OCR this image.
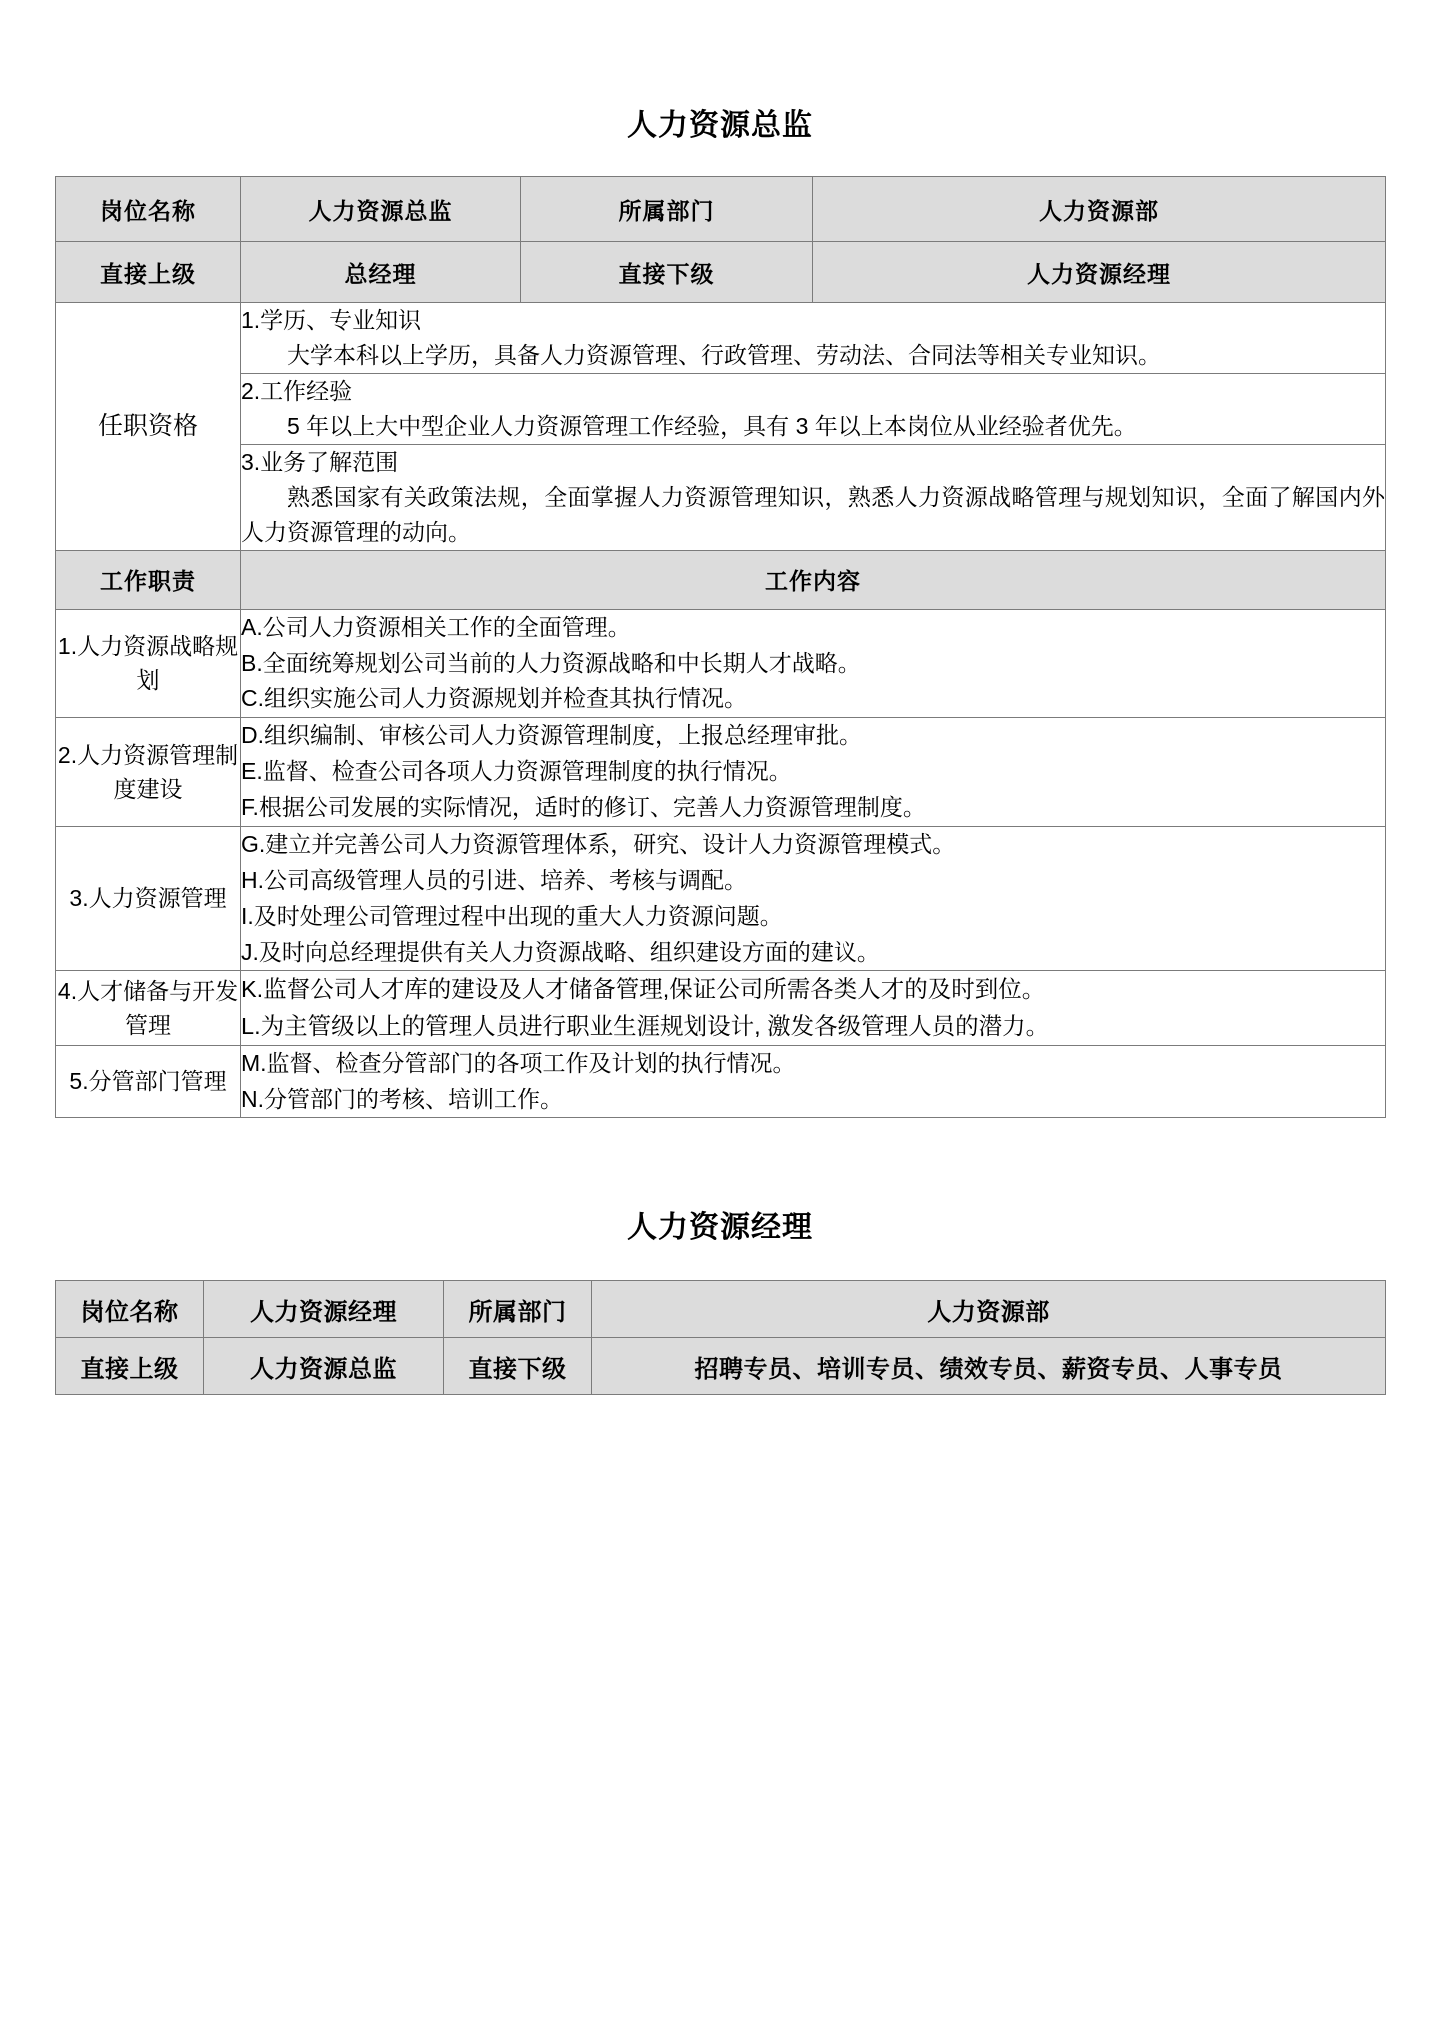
人力资源总监
岗位名称	人力资源总监	所属部门	人力资源部
直接上级	总经理	直接下级	人力资源经理
任职资格	1.学历、专业知识
大学本科以上学历，具备人力资源管理、行政管理、劳动法、合同法等相关专业知识。		

	2.工作经验
5 年以上大中型企业人力资源管理工作经验，具有 3 年以上本岗位从业经验者优先。		

	3.业务了解范围
熟悉国家有关政策法规，全面掌握人力资源管理知识，熟悉人力资源战略管理与规划知识，全面了解国内外人力资源管理的动向。		

工作职责	工作内容		
1.人力资源战略规划	A.公司人力资源相关工作的全面管理。
B.全面统筹规划公司当前的人力资源战略和中长期人才战略。
C.组织实施公司人力资源规划并检查其执行情况。		

2.人力资源管理制度建设	D.组织编制、审核公司人力资源管理制度，上报总经理审批。
E.监督、检查公司各项人力资源管理制度的执行情况。
F.根据公司发展的实际情况，适时的修订、完善人力资源管理制度。		

3.人力资源管理	G.建立并完善公司人力资源管理体系，研究、设计人力资源管理模式。
H.公司高级管理人员的引进、培养、考核与调配。
I.及时处理公司管理过程中出现的重大人力资源问题。
J.及时向总经理提供有关人力资源战略、组织建设方面的建议。		

4.人才储备与开发管理	K.监督公司人才库的建设及人才储备管理,保证公司所需各类人才的及时到位。
L.为主管级以上的管理人员进行职业生涯规划设计, 激发各级管理人员的潜力。		

5.分管部门管理	M.监督、检查分管部门的各项工作及计划的执行情况。
N.分管部门的考核、培训工作。		
人力资源经理
岗位名称	人力资源经理	所属部门	人力资源部
直接上级	人力资源总监	直接下级	招聘专员、培训专员、绩效专员、薪资专员、人事专员
